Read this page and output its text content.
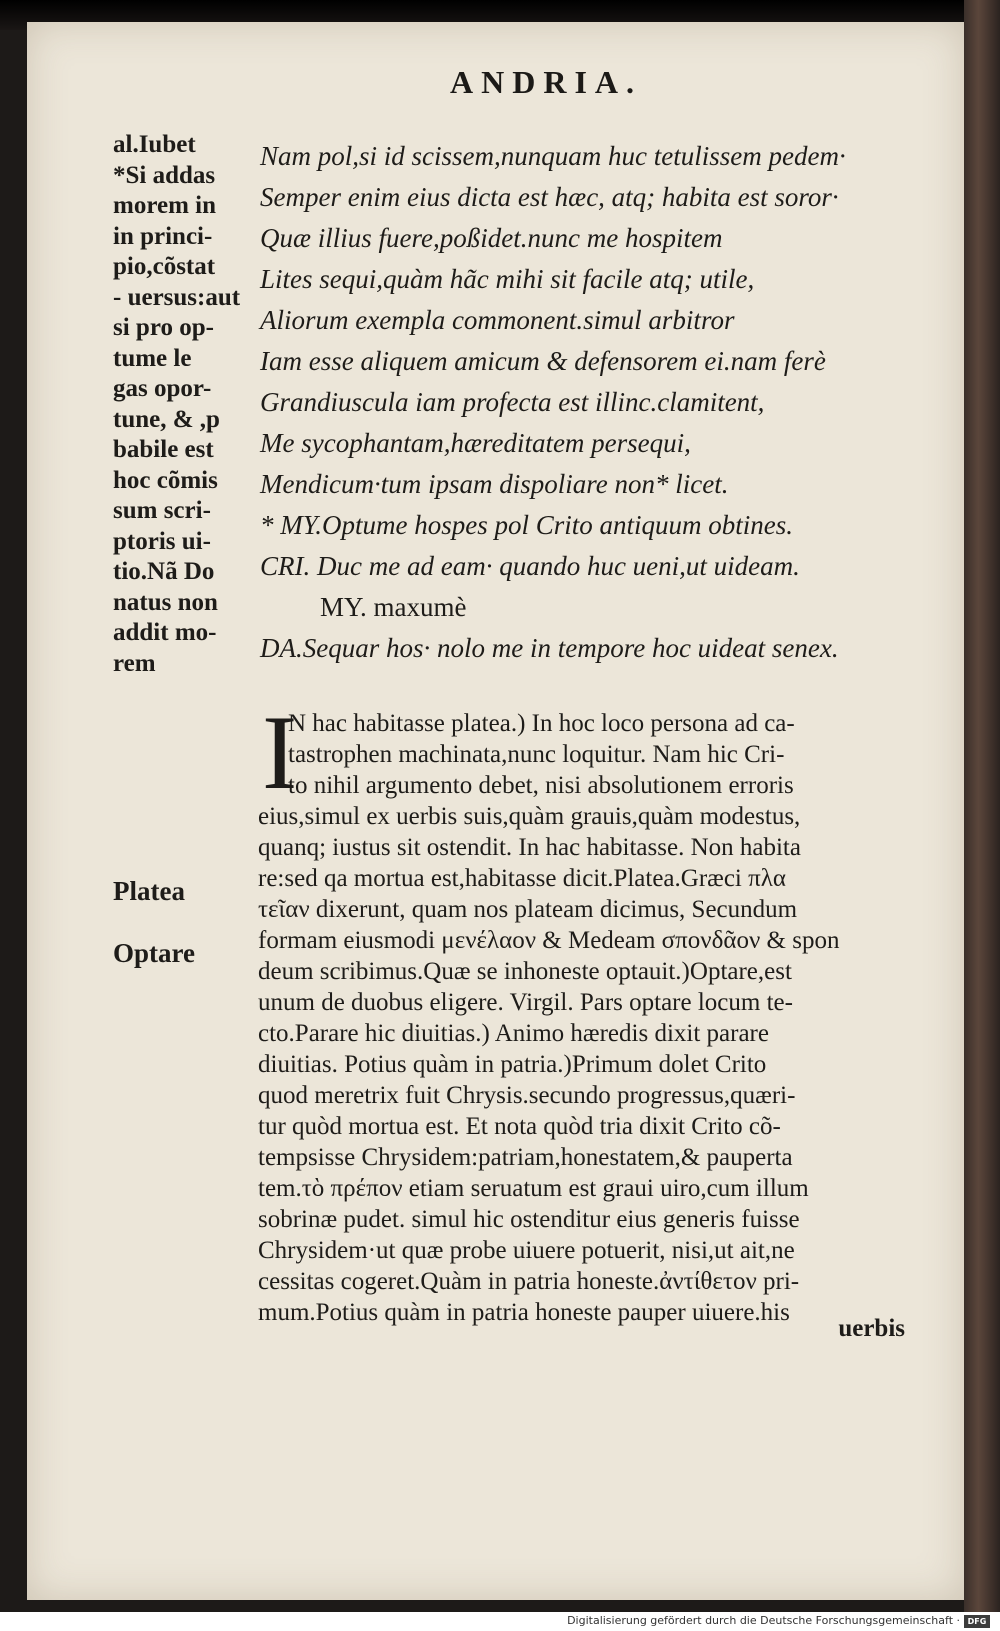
ANDRIA.
al.Iubet
*Si addas
morem in
in princi-
pio,cõstat
- uersus:aut
si pro op-
tume le
gas opor-
tune, & ,p
babile est
hoc cõmis
sum scri-
ptoris ui-
tio.Nã Do
natus non
addit mo-
rem
Nam pol,si id scissem,nunquam huc tetulissem pedem·
Semper enim eius dicta est hæc, atq; habita est soror·
Quæ illius fuere,poßidet.nunc me hospitem
Lites sequi,quàm hãc mihi sit facile atq; utile,
Aliorum exempla commonent.simul arbitror
Iam esse aliquem amicum & defensorem ei.nam ferè
Grandiuscula iam profecta est illinc.clamitent,
Me sycophantam,hæreditatem persequi,
Mendicum·tum ipsam dispoliare non* licet.
* MY.Optume hospes pol Crito antiquum obtines.
CRI. Duc me ad eam· quando huc ueni,ut uideam.
MY. maxumè
DA.Sequar hos· nolo me in tempore hoc uideat senex.
I
N hac habitasse platea.) In hoc loco persona ad ca-
tastrophen machinata,nunc loquitur. Nam hic Cri-
to nihil argumento debet, nisi absolutionem erroris
eius,simul ex uerbis suis,quàm grauis,quàm modestus,
quanq; iustus sit ostendit. In hac habitasse. Non habita
re:sed qa mortua est,habitasse dicit.Platea.Græci πλα
τεῖαν dixerunt, quam nos plateam dicimus, Secundum
formam eiusmodi μενέλαον & Medeam σπονδᾶον & spon
deum scribimus.Quæ se inhoneste optauit.)Optare,est
unum de duobus eligere. Virgil. Pars optare locum te-
cto.Parare hic diuitias.) Animo hæredis dixit parare
diuitias. Potius quàm in patria.)Primum dolet Crito
quod meretrix fuit Chrysis.secundo progressus,quæri-
tur quòd mortua est. Et nota quòd tria dixit Crito cõ-
tempsisse Chrysidem:patriam,honestatem,& pauperta
tem.τὸ πρέπον etiam seruatum est graui uiro,cum illum
sobrinæ pudet. simul hic ostenditur eius generis fuisse
Chrysidem·ut quæ probe uiuere potuerit, nisi,ut ait,ne
cessitas cogeret.Quàm in patria honeste.ἀντίθετον pri-
mum.Potius quàm in patria honeste pauper uiuere.his
Platea
Optare
uerbis
Digitalisierung gefördert durch die Deutsche Forschungsgemeinschaft · DFG
